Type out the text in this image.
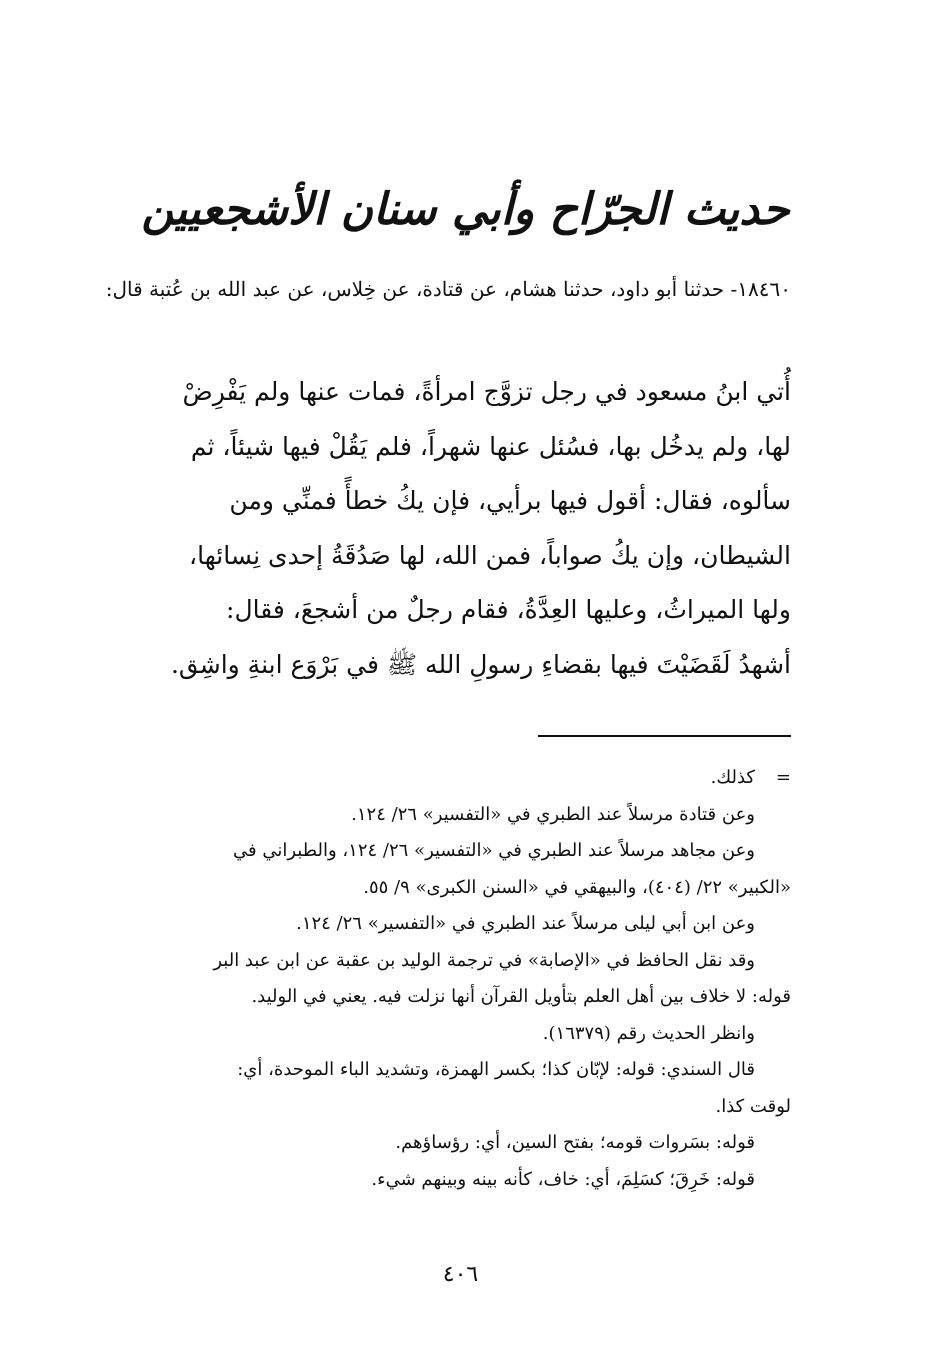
حديث الجرّاح وأبي سنان الأشجعيين
١٨٤٦٠- حدثنا أبو داود، حدثنا هشام، عن قتادة، عن خِلاس، عن عبد الله بن عُتبة قال:
أُتي ابنُ مسعود في رجل تزوَّج امرأةً، فمات عنها ولم يَفْرِضْ
لها، ولم يدخُل بها، فسُئل عنها شهراً، فلم يَقُلْ فيها شيئاً، ثم
سألوه، فقال: أقول فيها برأيي، فإن يكُ خطأً فمنِّي ومن
الشيطان، وإن يكُ صواباً، فمن الله، لها صَدُقَةُ إحدى نِسائها،
ولها الميراثُ، وعليها العِدَّةُ، فقام رجلٌ من أشجعَ، فقال:
أشهدُ لَقَضَيْتَ فيها بقضاءِ رسولِ الله ﷺ في بَرْوَع ابنةِ واشِق.
=كذلك.
وعن قتادة مرسلاً عند الطبري في «التفسير» ٢٦/ ١٢٤.
وعن مجاهد مرسلاً عند الطبري في «التفسير» ٢٦/ ١٢٤، والطبراني في
«الكبير» ٢٢/ (٤٠٤)، والبيهقي في «السنن الكبرى» ٩/ ٥٥.
وعن ابن أبي ليلى مرسلاً عند الطبري في «التفسير» ٢٦/ ١٢٤.
وقد نقل الحافظ في «الإصابة» في ترجمة الوليد بن عقبة عن ابن عبد البر
قوله: لا خلاف بين أهل العلم بتأويل القرآن أنها نزلت فيه. يعني في الوليد.
وانظر الحديث رقم (١٦٣٧٩).
قال السندي: قوله: لإبّان كذا؛ بكسر الهمزة، وتشديد الباء الموحدة، أي:
لوقت كذا.
قوله: بسَروات قومه؛ بفتح السين، أي: رؤساؤهم.
قوله: خَرِقَ؛ كسَلِمَ، أي: خاف، كأنه بينه وبينهم شيء.
٤٠٦
